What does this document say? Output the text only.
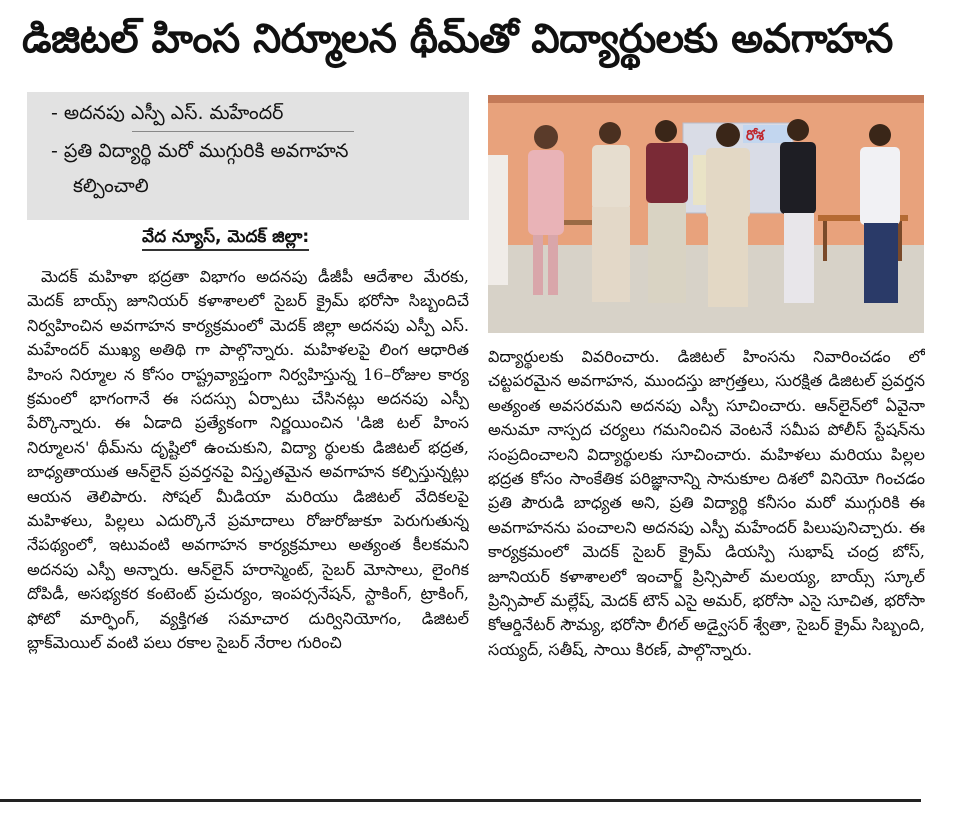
డిజిటల్ హింస నిర్మూలన థీమ్‌తో విద్యార్థులకు అవగాహన
- అదనపు ఎస్పీ ఎస్. మహేందర్
- ప్రతి విద్యార్థి మరో ముగ్గురికి అవగాహన
కల్పించాలి
వేద న్యూస్, మెదక్ జిల్లా:
మెదక్ మహిళా భద్రతా విభాగం అదనపు డీజీపీ ఆదేశాల మేరకు, మెదక్ బాయ్స్ జూనియర్ కళాశాలలో సైబర్ క్రైమ్ భరోసా సిబ్బందిచే నిర్వహించిన అవగాహన కార్యక్రమంలో మెదక్ జిల్లా అదనపు ఎస్పీ ఎస్. మహేందర్ ముఖ్య అతిథి గా పాల్గొన్నారు. మహిళలపై లింగ ఆధారిత హింస నిర్మూల న కోసం రాష్ట్రవ్యాప్తంగా నిర్వహిస్తున్న 16–రోజుల కార్య క్రమంలో భాగంగానే ఈ సదస్సు ఏర్పాటు చేసినట్లు అదనపు ఎస్పీ పేర్కొన్నారు. ఈ ఏడాది ప్రత్యేకంగా నిర్ణయించిన 'డిజి టల్ హింస నిర్మూలన' థీమ్‌ను దృష్టిలో ఉంచుకుని, విద్యా ర్థులకు డిజిటల్ భద్రత, బాధ్యతాయుత ఆన్‌లైన్ ప్రవర్తనపై విస్తృతమైన అవగాహన కల్పిస్తున్నట్లు ఆయన తెలిపారు. సోషల్ మీడియా మరియు డిజిటల్ వేదికలపై మహిళలు, పిల్లలు ఎదుర్కొనే ప్రమాదాలు రోజురోజుకూ పెరుగుతున్న నేపథ్యంలో, ఇటువంటి అవగాహన కార్యక్రమాలు అత్యంత కీలకమని అదనపు ఎస్పీ అన్నారు. ఆన్‌లైన్ హరాస్మెంట్, సైబర్ మోసాలు, లైంగిక దోపిడీ, అసభ్యకర కంటెంట్ ప్రచుర్యం, ఇంపర్సనేషన్, స్టాకింగ్, ట్రాకింగ్, ఫోటో మార్ఫింగ్, వ్యక్తిగత సమాచార దుర్వినియోగం, డిజిటల్ బ్లాక్‌మెయిల్ వంటి పలు రకాల సైబర్ నేరాల గురించి
రోశ
విద్యార్థులకు వివరించారు. డిజిటల్ హింసను నివారించడం లో చట్టపరమైన అవగాహన, ముందస్తు జాగ్రత్తలు, సురక్షిత డిజిటల్ ప్రవర్తన అత్యంత అవసరమని అదనపు ఎస్పీ సూచించారు. ఆన్‌లైన్‌లో ఏవైనా అనుమా నాస్పద చర్యలు గమనించిన వెంటనే సమీప పోలీస్ స్టేషన్‌ను సంప్రదించాలని విద్యార్థులకు సూచించారు. మహిళలు మరియు పిల్లల భద్రత కోసం సాంకేతిక పరిజ్ఞానాన్ని సానుకూల దిశలో వినియో గించడం ప్రతి పౌరుడి బాధ్యత అని, ప్రతి విద్యార్థి కనీసం మరో ముగ్గురికి ఈ అవగాహనను పంచాలని అదనపు ఎస్పీ మహేందర్ పిలుపునిచ్చారు. ఈ కార్యక్రమంలో మెదక్ సైబర్ క్రైమ్ డియస్పి సుభాష్ చంద్ర బోస్, జూనియర్ కళాశాలలో ఇంచార్జ్ ప్రిన్సిపాల్ మలయ్య, బాయ్స్ స్కూల్ ప్రిన్సిపాల్ మల్లేష్, మెదక్ టౌన్ ఎసై అమర్, భరోసా ఎసై సూచిత, భరోసా కోఆర్డినేటర్ సౌమ్య, భరోసా లీగల్ అడ్వైసర్ శ్వేతా, సైబర్ క్రైమ్ సిబ్బంది, సయ్యద్, సతీష్, సాయి కిరణ్, పాల్గొన్నారు.
